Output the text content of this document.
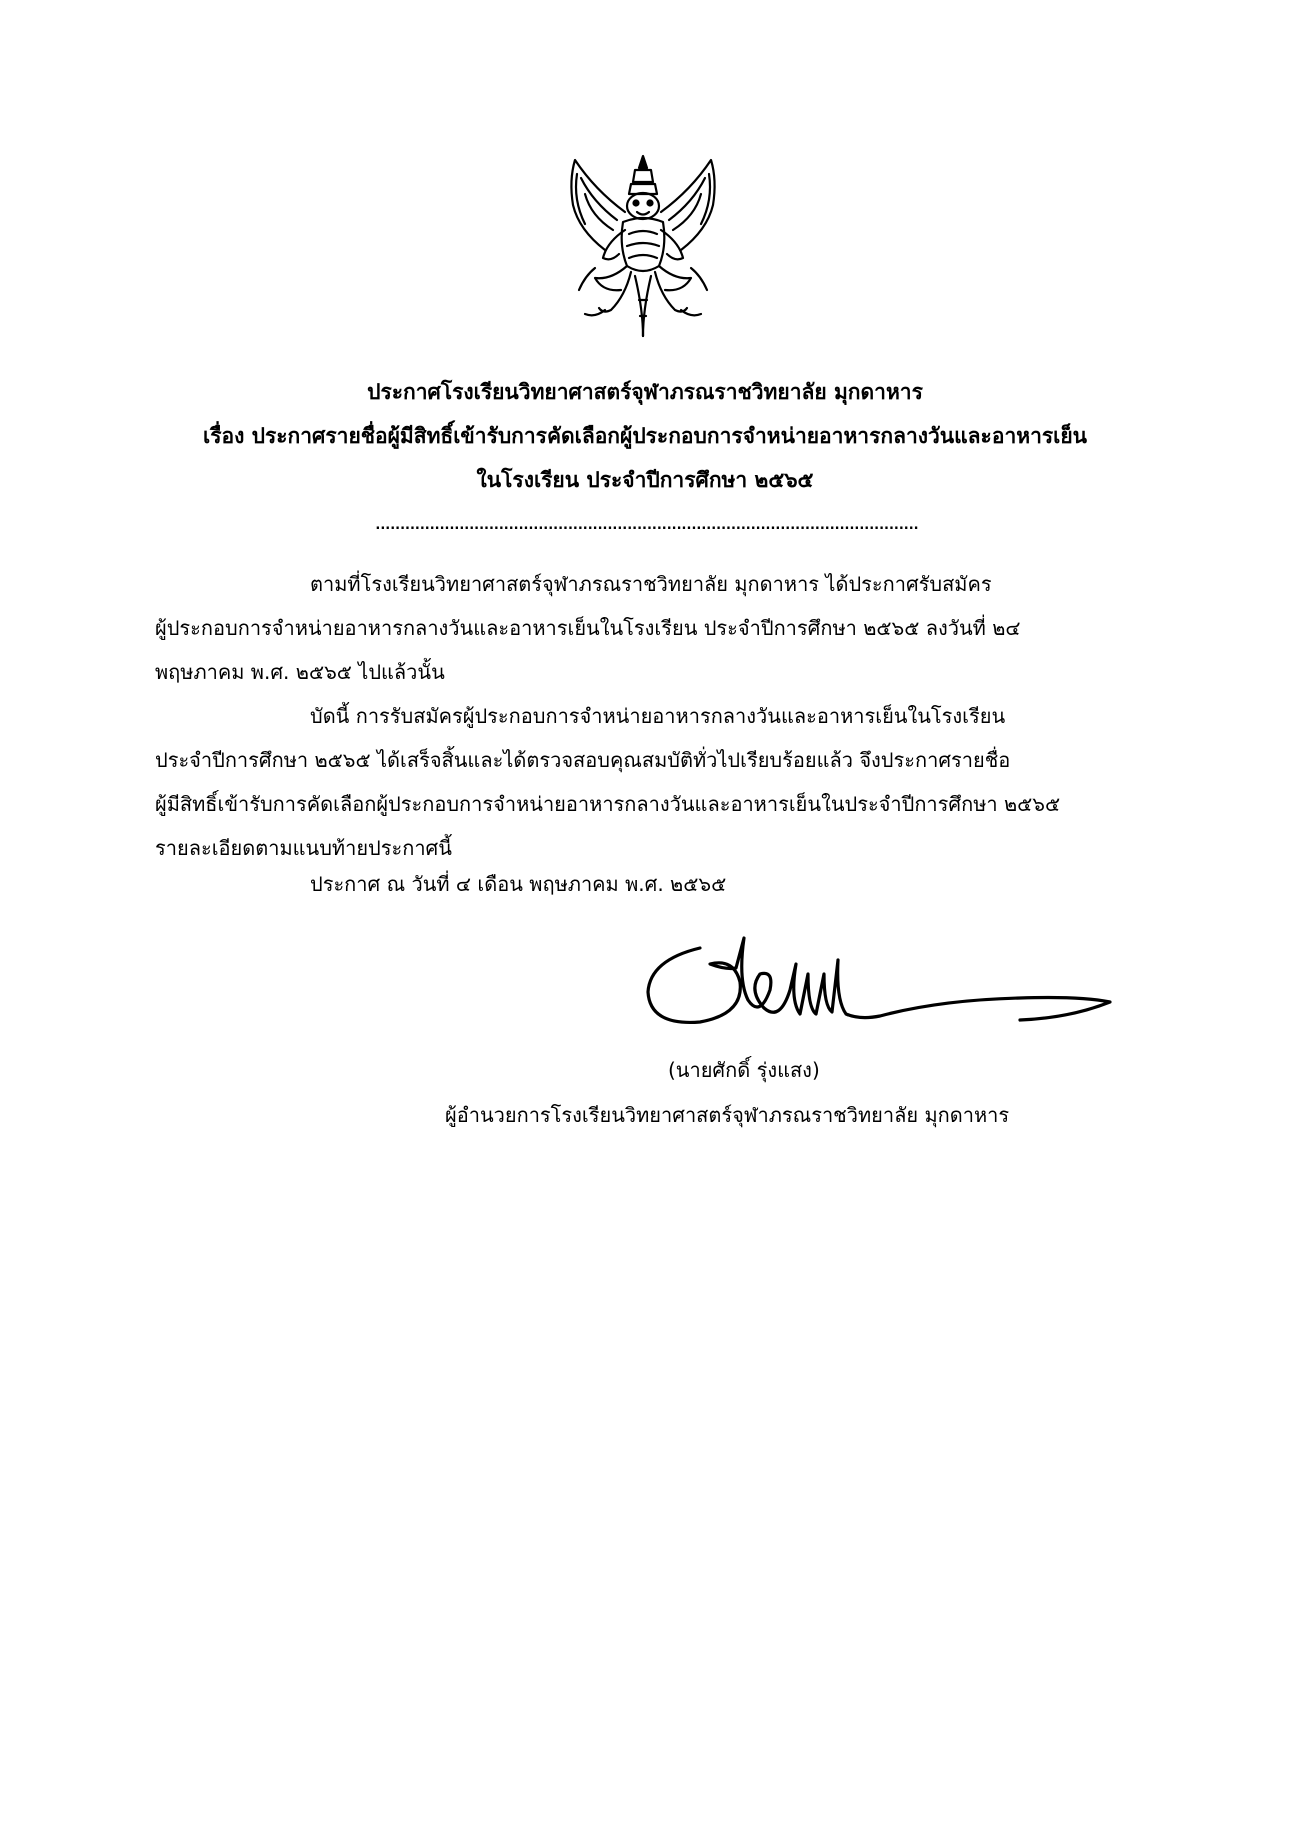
ประกาศโรงเรียนวิทยาศาสตร์จุฬาภรณราชวิทยาลัย มุกดาหาร
เรื่อง ประกาศรายชื่อผู้มีสิทธิ์เข้ารับการคัดเลือกผู้ประกอบการจำหน่ายอาหารกลางวันและอาหารเย็น
ในโรงเรียน ประจำปีการศึกษา ๒๕๖๕
..............................................................................................................
ตามที่โรงเรียนวิทยาศาสตร์จุฬาภรณราชวิทยาลัย มุกดาหาร ได้ประกาศรับสมัคร
ผู้ประกอบการจำหน่ายอาหารกลางวันและอาหารเย็นในโรงเรียน ประจำปีการศึกษา ๒๕๖๕ ลงวันที่ ๒๔
พฤษภาคม พ.ศ. ๒๕๖๕ ไปแล้วนั้น
บัดนี้ การรับสมัครผู้ประกอบการจำหน่ายอาหารกลางวันและอาหารเย็นในโรงเรียน
ประจำปีการศึกษา ๒๕๖๕ ได้เสร็จสิ้นและได้ตรวจสอบคุณสมบัติทั่วไปเรียบร้อยแล้ว จึงประกาศรายชื่อ
ผู้มีสิทธิ์เข้ารับการคัดเลือกผู้ประกอบการจำหน่ายอาหารกลางวันและอาหารเย็นในประจำปีการศึกษา ๒๕๖๕
รายละเอียดตามแนบท้ายประกาศนี้
ประกาศ ณ วันที่ ๔ เดือน พฤษภาคม พ.ศ. ๒๕๖๕
(นายศักดิ์ รุ่งแสง)
ผู้อำนวยการโรงเรียนวิทยาศาสตร์จุฬาภรณราชวิทยาลัย มุกดาหาร
